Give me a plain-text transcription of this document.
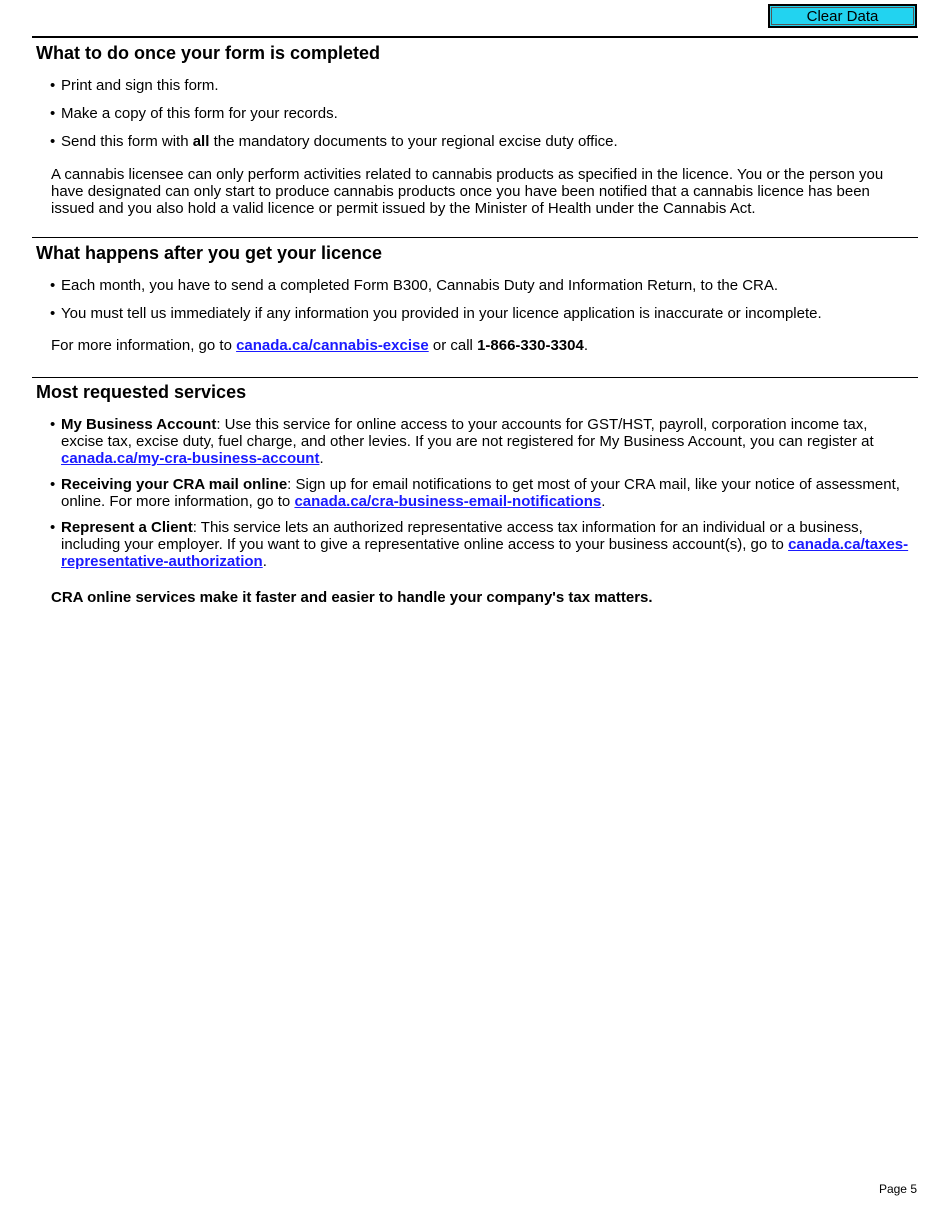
Clear Data
What to do once your form is completed
• Print and sign this form.
• Make a copy of this form for your records.
• Send this form with all the mandatory documents to your regional excise duty office.

A cannabis licensee can only perform activities related to cannabis products as specified in the licence. You or the person you have designated can only start to produce cannabis products once you have been notified that a cannabis licence has been issued and you also hold a valid licence or permit issued by the Minister of Health under the Cannabis Act.

What happens after you get your licence
• Each month, you have to send a completed Form B300, Cannabis Duty and Information Return, to the CRA.
• You must tell us immediately if any information you provided in your licence application is inaccurate or incomplete.

For more information, go to canada.ca/cannabis-excise or call 1-866-330-3304.

Most requested services
• My Business Account: Use this service for online access to your accounts for GST/HST, payroll, corporation income tax, excise tax, excise duty, fuel charge, and other levies. If you are not registered for My Business Account, you can register at canada.ca/my-cra-business-account.
• Receiving your CRA mail online: Sign up for email notifications to get most of your CRA mail, like your notice of assessment, online. For more information, go to canada.ca/cra-business-email-notifications.
• Represent a Client: This service lets an authorized representative access tax information for an individual or a business, including your employer. If you want to give a representative online access to your business account(s), go to canada.ca/taxes-representative-authorization.

CRA online services make it faster and easier to handle your company's tax matters.

Page 5
